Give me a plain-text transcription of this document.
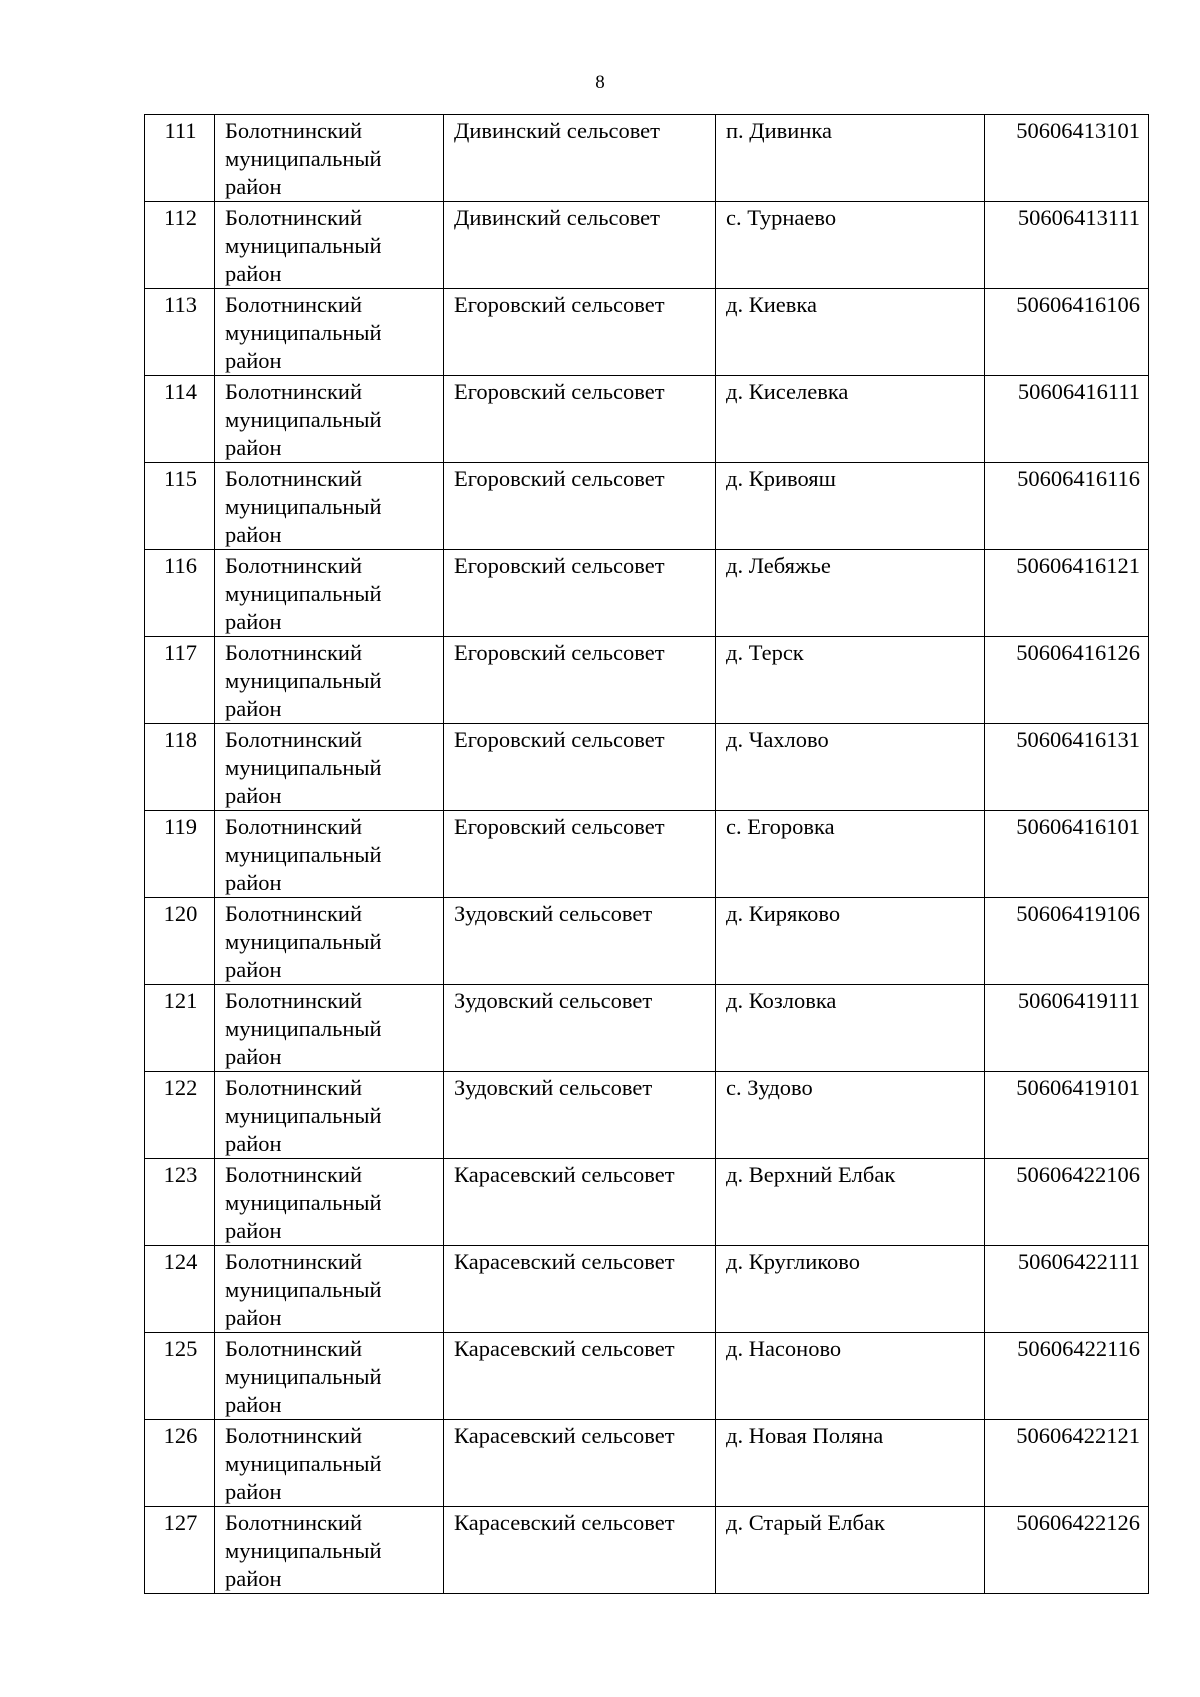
8
111	Болотнинский муниципальный район	Дивинский сельсовет	п. Дивинка	50606413101
112	Болотнинский муниципальный район	Дивинский сельсовет	с. Турнаево	50606413111
113	Болотнинский муниципальный район	Егоровский сельсовет	д. Киевка	50606416106
114	Болотнинский муниципальный район	Егоровский сельсовет	д. Киселевка	50606416111
115	Болотнинский муниципальный район	Егоровский сельсовет	д. Кривояш	50606416116
116	Болотнинский муниципальный район	Егоровский сельсовет	д. Лебяжье	50606416121
117	Болотнинский муниципальный район	Егоровский сельсовет	д. Терск	50606416126
118	Болотнинский муниципальный район	Егоровский сельсовет	д. Чахлово	50606416131
119	Болотнинский муниципальный район	Егоровский сельсовет	с. Егоровка	50606416101
120	Болотнинский муниципальный район	Зудовский сельсовет	д. Киряково	50606419106
121	Болотнинский муниципальный район	Зудовский сельсовет	д. Козловка	50606419111
122	Болотнинский муниципальный район	Зудовский сельсовет	с. Зудово	50606419101
123	Болотнинский муниципальный район	Карасевский сельсовет	д. Верхний Елбак	50606422106
124	Болотнинский муниципальный район	Карасевский сельсовет	д. Кругликово	50606422111
125	Болотнинский муниципальный район	Карасевский сельсовет	д. Насоново	50606422116
126	Болотнинский муниципальный район	Карасевский сельсовет	д. Новая Поляна	50606422121
127	Болотнинский муниципальный район	Карасевский сельсовет	д. Старый Елбак	50606422126
